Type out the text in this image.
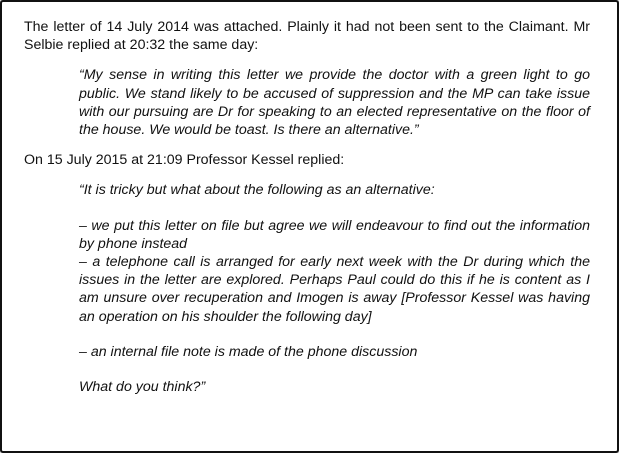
The letter of 14 July 2014 was attached. Plainly it had not been sent to the Claimant. Mr Selbie replied at 20:32 the same day:

“My sense in writing this letter we provide the doctor with a green light to go public. We stand likely to be accused of suppression and the MP can take issue with our pursuing are Dr for speaking to an elected representative on the floor of the house. We would be toast. Is there an alternative.”

On 15 July 2015 at 21:09 Professor Kessel replied:

“It is tricky but what about the following as an alternative:

– we put this letter on file but agree we will endeavour to find out the information by phone instead

– a telephone call is arranged for early next week with the Dr during which the issues in the letter are explored. Perhaps Paul could do this if he is content as I am unsure over recuperation and Imogen is away [Professor Kessel was having an operation on his shoulder the following day]

– an internal file note is made of the phone discussion

What do you think?”
